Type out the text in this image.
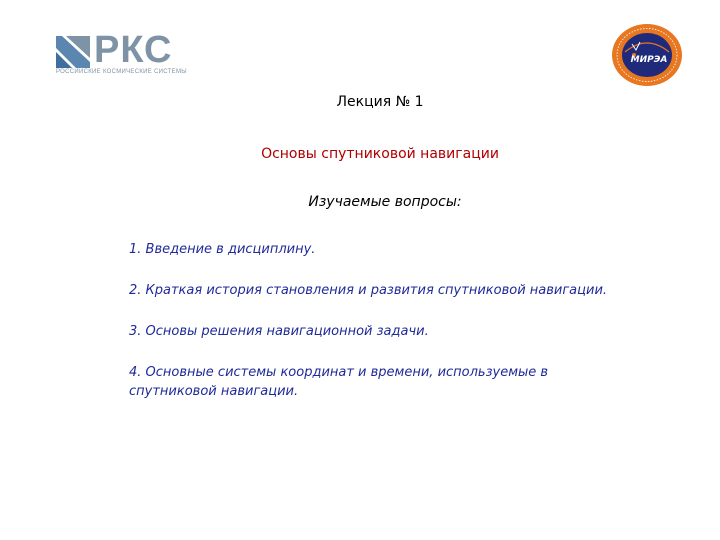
РКС
РОССИЙСКИЕ КОСМИЧЕСКИЕ СИСТЕМЫ
МИРЭА
Лекция № 1
Основы спутниковой навигации
Изучаемые вопросы:
1. Введение в дисциплину.
2. Краткая история становления и развития спутниковой навигации.
3. Основы решения навигационной задачи.
4. Основные системы координат и времени, используемые в спутниковой навигации.
